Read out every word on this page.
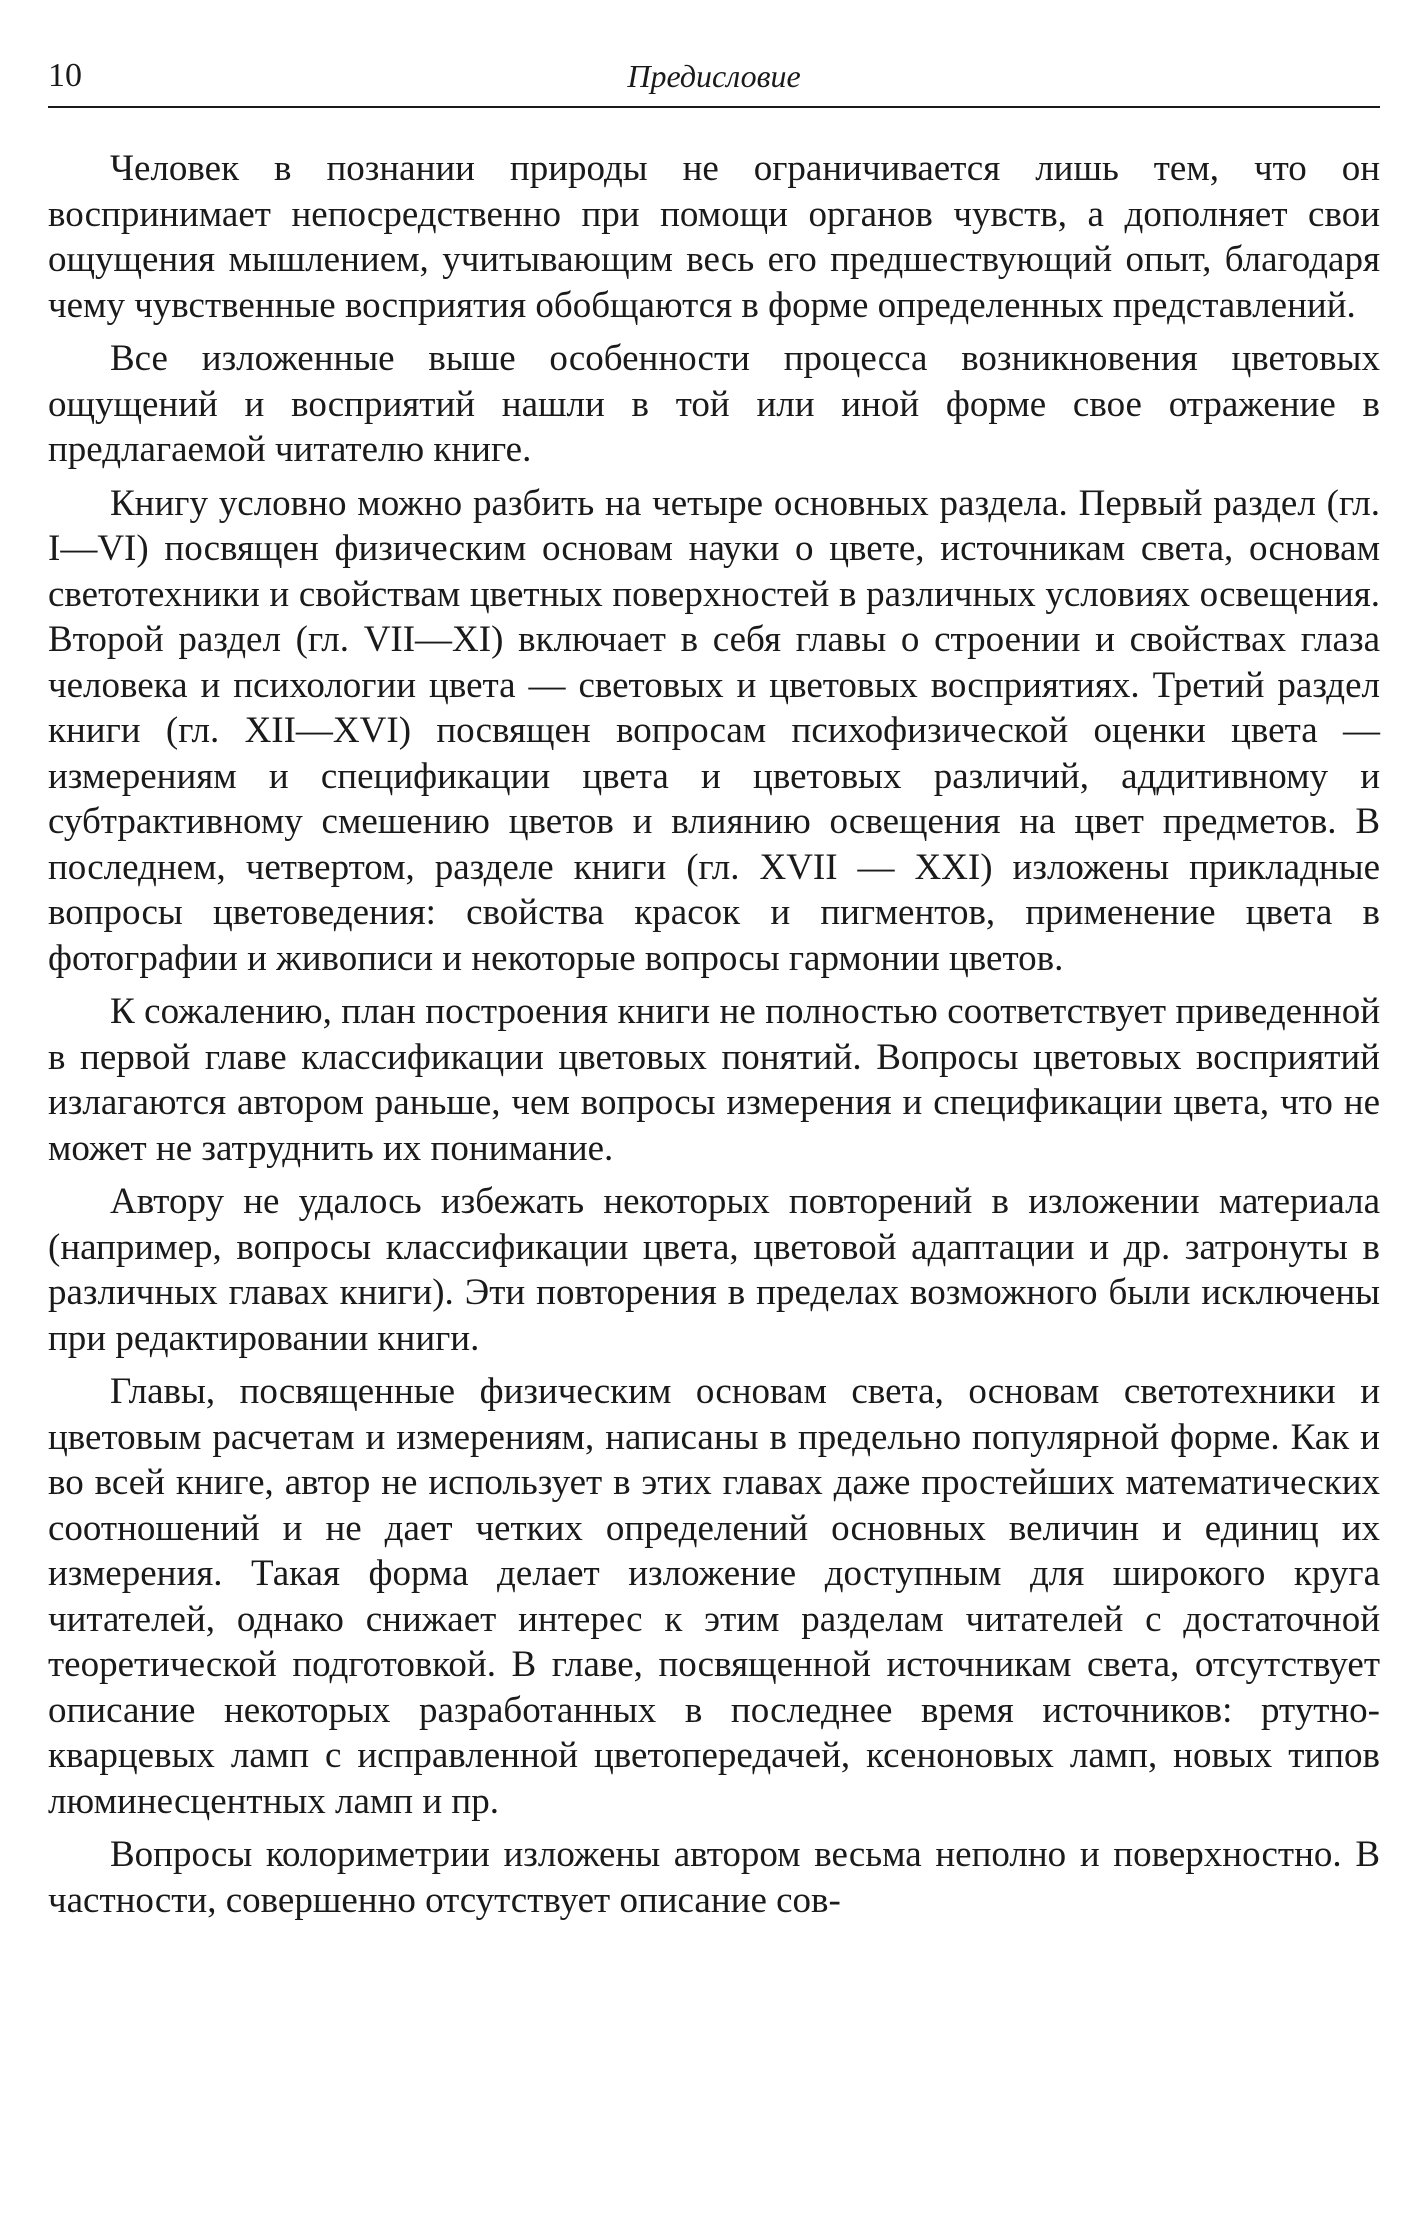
10	Предисловие

Человек в познании природы не ограничивается лишь тем, что он воспринимает непосредственно при помощи органов чувств, а дополняет свои ощущения мышлением, учитывающим весь его предшествующий опыт, благодаря чему чувственные восприятия обобщаются в форме определенных представлений.

Все изложенные выше особенности процесса возникновения цветовых ощущений и восприятий нашли в той или иной форме свое отражение в предлагаемой читателю книге.

Книгу условно можно разбить на четыре основных раздела. Первый раздел (гл. I—VI) посвящен физическим основам науки о цвете, источникам света, основам светотехники и свойствам цветных поверхностей в различных условиях освещения. Второй раздел (гл. VII—XI) включает в себя главы о строении и свойствах глаза человека и психологии цвета — световых и цветовых восприятиях. Третий раздел книги (гл. XII—XVI) посвящен вопросам психофизической оценки цвета — измерениям и спецификации цвета и цветовых различий, аддитивному и субтрактивному смешению цветов и влиянию освещения на цвет предметов. В последнем, четвертом, разделе книги (гл. XVII — XXI) изложены прикладные вопросы цветоведения: свойства красок и пигментов, применение цвета в фотографии и живописи и некоторые вопросы гармонии цветов.

К сожалению, план построения книги не полностью соответствует приведенной в первой главе классификации цветовых понятий. Вопросы цветовых восприятий излагаются автором раньше, чем вопросы измерения и спецификации цвета, что не может не затруднить их понимание.

Автору не удалось избежать некоторых повторений в изложении материала (например, вопросы классификации цвета, цветовой адаптации и др. затронуты в различных главах книги). Эти повторения в пределах возможного были исключены при редактировании книги.

Главы, посвященные физическим основам света, основам светотехники и цветовым расчетам и измерениям, написаны в предельно популярной форме. Как и во всей книге, автор не использует в этих главах даже простейших математических соотношений и не дает четких определений основных величин и единиц их измерения. Такая форма делает изложение доступным для широкого круга читателей, однако снижает интерес к этим разделам читателей с достаточной теоретической подготовкой. В главе, посвященной источникам света, отсутствует описание некоторых разработанных в последнее время источников: ртутно-кварцевых ламп с исправленной цветопередачей, ксеноновых ламп, новых типов люминесцентных ламп и пр.

Вопросы колориметрии изложены автором весьма неполно и поверхностно. В частности, совершенно отсутствует описание сов-
